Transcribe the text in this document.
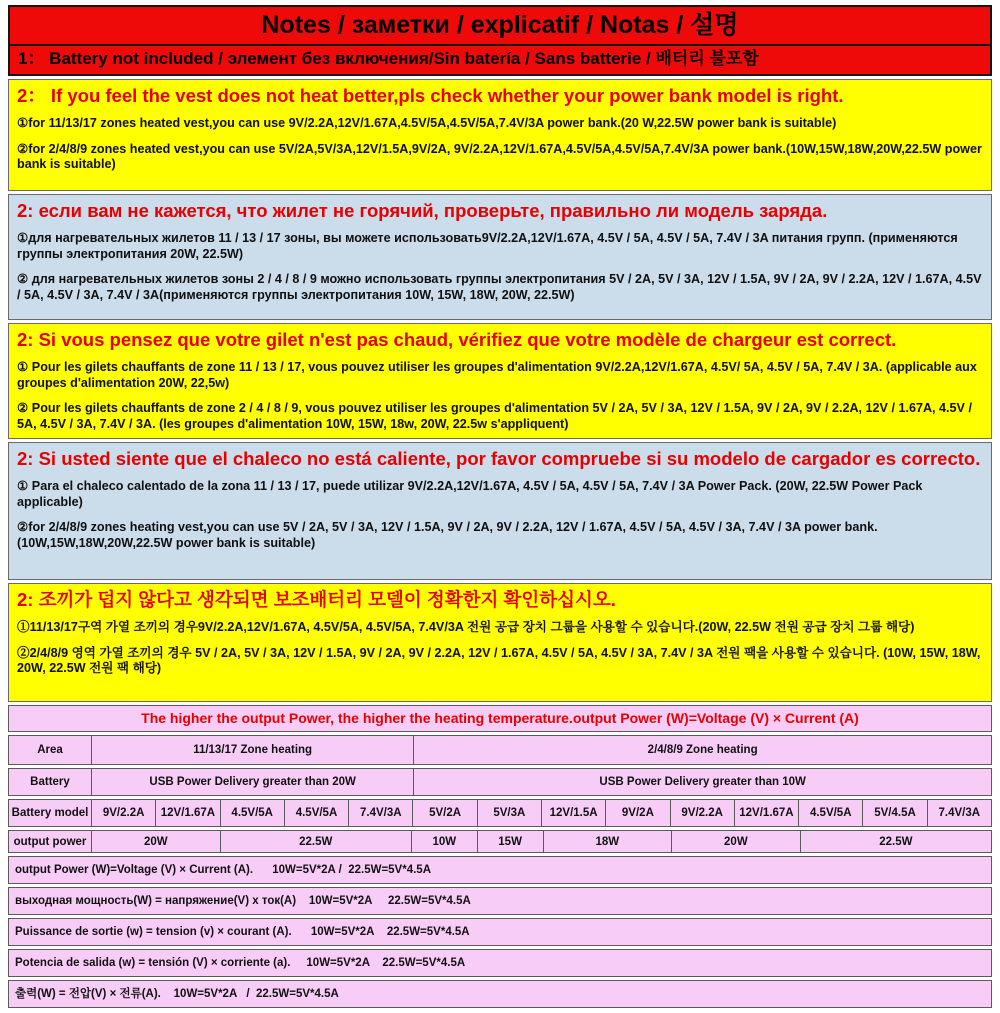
Notes / заметки / explicatif / Notas / 설명
1： Battery not included / элемент без включения/Sin batería / Sans batterie / 배터리 불포함
2： If you feel the vest does not heat better,pls check whether your power bank model is right.

①for 11/13/17 zones heated vest,you can use 9V/2.2A,12V/1.67A,4.5V/5A,4.5V/5A,7.4V/3A power bank.(20 W,22.5W power bank is suitable)

②for 2/4/8/9 zones heated vest,you can use 5V/2A,5V/3A,12V/1.5A,9V/2A, 9V/2.2A,12V/1.67A,4.5V/5A,4.5V/5A,7.4V/3A power bank.(10W,15W,18W,20W,22.5W power bank is suitable)

2: если вам не кажется, что жилет не горячий, проверьте, правильно ли модель заряда.

①для нагревательных жилетов 11 / 13 / 17 зоны, вы можете использовать9V/2.2A,12V/1.67A, 4.5V / 5A, 4.5V / 5A, 7.4V / 3A питания групп. (применяются группы электропитания 20W, 22.5W)

② для нагревательных жилетов зоны 2 / 4 / 8 / 9 можно использовать группы электропитания 5V / 2A, 5V / 3A, 12V / 1.5A, 9V / 2A, 9V / 2.2A, 12V / 1.67A, 4.5V / 5A, 4.5V / 3A, 7.4V / 3A(применяются группы электропитания 10W, 15W, 18W, 20W, 22.5W)

2: Si vous pensez que votre gilet n'est pas chaud, vérifiez que votre modèle de chargeur est correct.

① Pour les gilets chauffants de zone 11 / 13 / 17, vous pouvez utiliser les groupes d'alimentation 9V/2.2A,12V/1.67A, 4.5V/ 5A, 4.5V / 5A, 7.4V / 3A. (applicable aux groupes d'alimentation 20W, 22,5w)

② Pour les gilets chauffants de zone 2 / 4 / 8 / 9, vous pouvez utiliser les groupes d'alimentation 5V / 2A, 5V / 3A, 12V / 1.5A, 9V / 2A, 9V / 2.2A, 12V / 1.67A, 4.5V / 5A, 4.5V / 3A, 7.4V / 3A. (les groupes d'alimentation 10W, 15W, 18w, 20W, 22.5w s'appliquent)

2: Si usted siente que el chaleco no está caliente, por favor compruebe si su modelo de cargador es correcto.

① Para el chaleco calentado de la zona 11 / 13 / 17, puede utilizar 9V/2.2A,12V/1.67A, 4.5V / 5A, 4.5V / 5A, 7.4V / 3A Power Pack. (20W, 22.5W Power Pack applicable)

②for 2/4/8/9 zones heating vest,you can use 5V / 2A, 5V / 3A, 12V / 1.5A, 9V / 2A, 9V / 2.2A, 12V / 1.67A, 4.5V / 5A, 4.5V / 3A, 7.4V / 3A power bank.(10W,15W,18W,20W,22.5W power bank is suitable)

2: 조끼가 덥지 않다고 생각되면 보조배터리 모델이 정확한지 확인하십시오.

①11/13/17구역 가열 조끼의 경우9V/2.2A,12V/1.67A, 4.5V/5A, 4.5V/5A, 7.4V/3A 전원 공급 장치 그룹을 사용할 수 있습니다.(20W, 22.5W 전원 공급 장치 그룹 해당)

②2/4/8/9 영역 가열 조끼의 경우 5V / 2A, 5V / 3A, 12V / 1.5A, 9V / 2A, 9V / 2.2A, 12V / 1.67A, 4.5V / 5A, 4.5V / 3A, 7.4V / 3A 전원 팩을 사용할 수 있습니다. (10W, 15W, 18W, 20W, 22.5W 전원 팩 해당)

The higher the output Power, the higher the heating temperature.output Power (W)=Voltage (V) × Current (A)
Area	11/13/17 Zone heating	2/4/8/9 Zone heating
Battery	USB Power Delivery greater than 20W	USB Power Delivery greater than 10W
Battery model	9V/2.2A	12V/1.67A	4.5V/5A	4.5V/5A	7.4V/3A	5V/2A	5V/3A	12V/1.5A	9V/2A	9V/2.2A	12V/1.67A	4.5V/5A	5V/4.5A	7.4V/3A
output power	20W	22.5W	10W	15W	18W	20W	22.5W
output Power (W)=Voltage (V) × Current (A).      10W=5V*2A /  22.5W=5V*4.5A
выходная мощность(W) = напряжение(V) x ток(A)    10W=5V*2A     22.5W=5V*4.5A
Puissance de sortie (w) = tension (v) × courant (A).      10W=5V*2A    22.5W=5V*4.5A
Potencia de salida (w) = tensión (V) × corriente (a).     10W=5V*2A    22.5W=5V*4.5A
출력(W) = 전압(V) × 전류(A).    10W=5V*2A   /  22.5W=5V*4.5A
